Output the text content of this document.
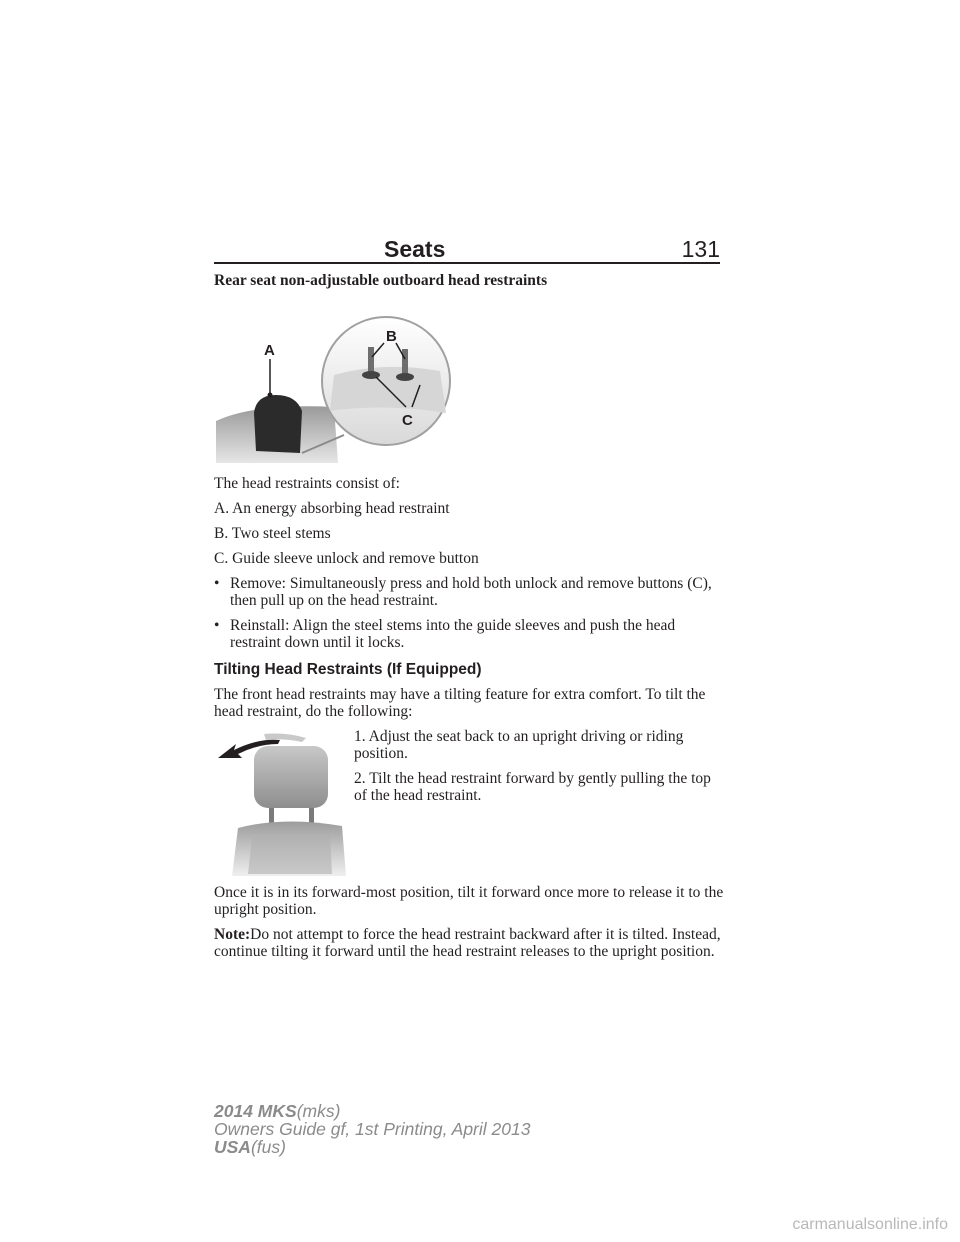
Seats	131
Rear seat non-adjustable outboard head restraints
A
B
C

The head restraints consist of:

A. An energy absorbing head restraint

B. Two steel stems

C. Guide sleeve unlock and remove button

• Remove: Simultaneously press and hold both unlock and remove buttons (C), then pull up on the head restraint.
• Reinstall: Align the steel stems into the guide sleeves and push the head restraint down until it locks.
Tilting Head Restraints (If Equipped)

The front head restraints may have a tilting feature for extra comfort. To tilt the head restraint, do the following:

1. Adjust the seat back to an upright driving or riding position.

2. Tilt the head restraint forward by gently pulling the top of the head restraint.

Once it is in its forward-most position, tilt it forward once more to release it to the upright position.

Note:Do not attempt to force the head restraint backward after it is tilted. Instead, continue tilting it forward until the head restraint releases to the upright position.

2014 MKS(mks)
Owners Guide gf, 1st Printing, April 2013
USA(fus)
carmanualsonline.info
